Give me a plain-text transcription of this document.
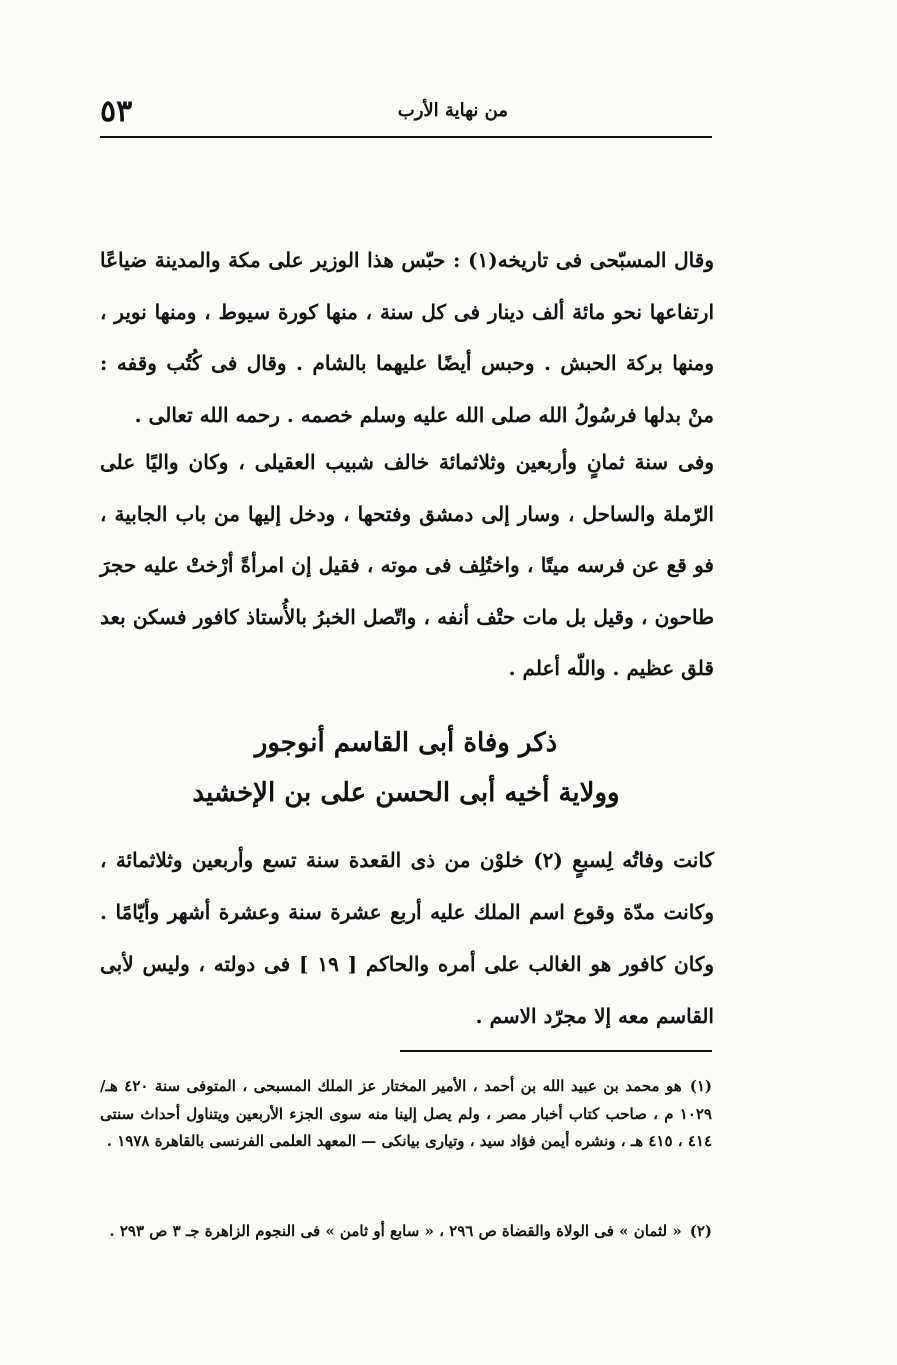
٥٣	من نهاية الأرب

وقال المسبّحى فى تاريخه(١) : حبّس هذا الوزير على مكة والمدينة ضياعًا ارتفاعها نحو مائة ألف دينار فى كل سنة ، منها كورة سيوط ، ومنها نوير ، ومنها بركة الحبش . وحبس أيضًا عليهما بالشام . وقال فى كُتُب وقفه : منْ بدلها فرسُولُ الله صلى الله عليه وسلم خصمه . رحمه الله تعالى .

وفى سنة ثمانٍ وأربعين وثلاثمائة خالف شبيب العقيلى ، وكان واليًا على الرّملة والساحل ، وسار إلى دمشق وفتحها ، ودخل إليها من باب الجابية ، فو قع عن فرسه ميتًا ، واختُلِف فى موته ، فقيل إن امرأةً أرْختْ عليه حجرَ طاحون ، وقيل بل مات حتْف أنفه ، واتّصل الخبرُ بالأُستاذ كافور فسكن بعد قلق عظيم . واللّه أعلم .

ذكر وفاة أبى القاسم أنوجور
وولاية أخيه أبى الحسن على بن الإخشيد

كانت وفاتُه لِسبعٍ (٢) خلوْن من ذى القعدة سنة تسع وأربعين وثلاثمائة ، وكانت مدّة وقوع اسم الملك عليه أربع عشرة سنة وعشرة أشهر وأيّامًا . وكان كافور هو الغالب على أمره والحاكم [ ١٩ ] فى دولته ، وليس لأبى القاسم معه إلا مجرّد الاسم .

(١)هو محمد بن عبيد الله بن أحمد ، الأمير المختار عز الملك المسبحى ، المتوفى سنة ٤٢٠ هـ/١٠٢٩ م ، صاحب كتاب أخبار مصر ، ولم يصل إلينا منه سوى الجزء الأربعين ويتناول أحداث سنتى ٤١٤ ، ٤١٥ هـ ، ونشره أيمن فؤاد سيد ، وتيارى بيانكى — المعهد العلمى الفرنسى بالقاهرة ١٩٧٨ .

(٢)« لثمان » فى الولاة والقضاة ص ٢٩٦ ، « سابع أو ثامن » فى النجوم الزاهرة جـ ٣ ص ٢٩٣ .
